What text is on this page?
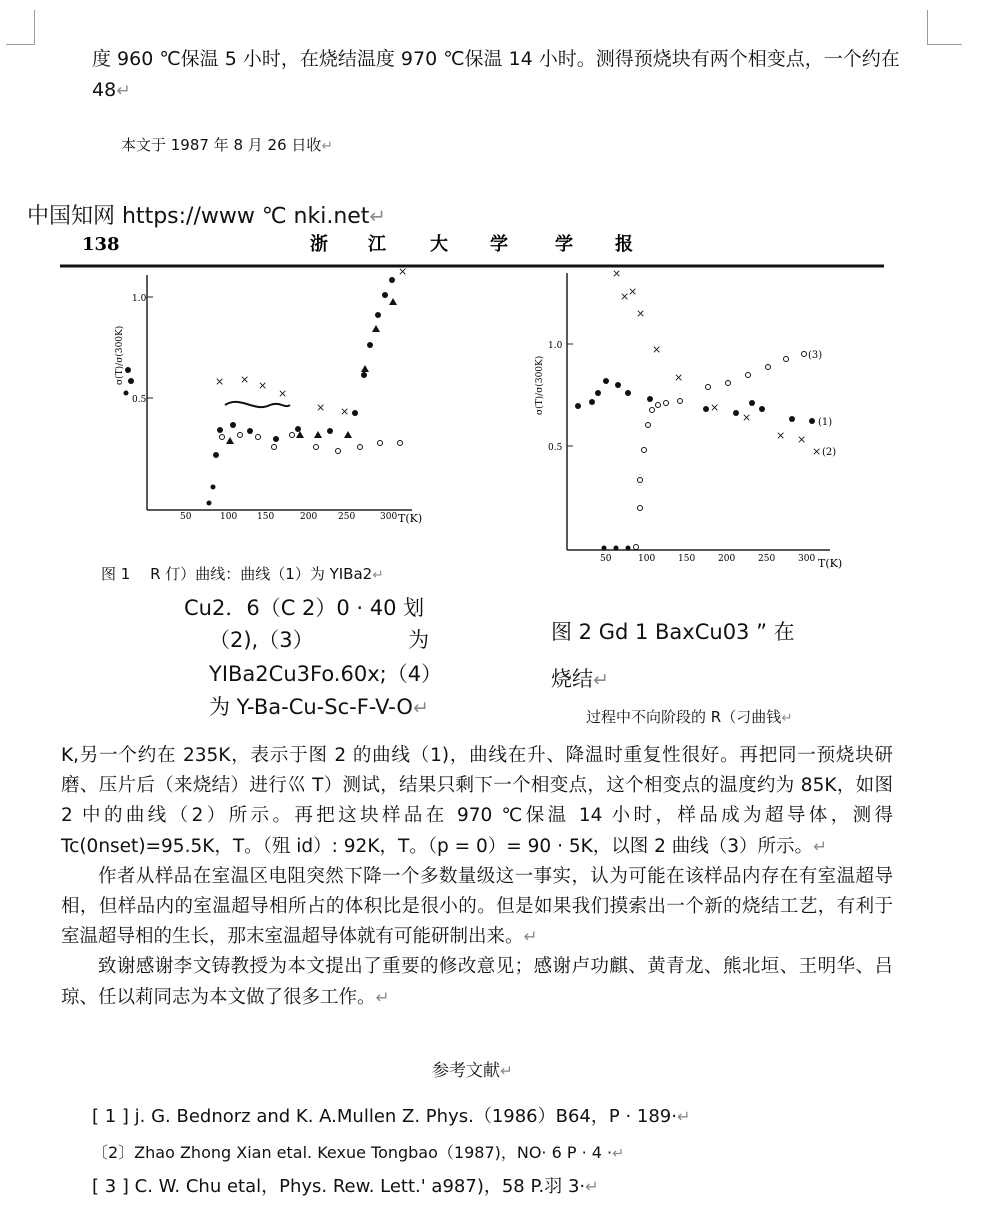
度 960 ℃保温 5 小时，在烧结温度 970 ℃保温 14 小时。测得预烧块有两个相变点，一个约在
48↵
本文于 1987 年 8 月 26 日收↵
中国知网 https://www ℃ nki.net↵
138	浙 江 大 学	学 报
1.0
0.5
σ(T)/σ(300K)
50	100 150	200 250	300 T(K)
× × ×
×
× ×
×
1.0
0.5
σ(T)/σ(300K)
50	100	150	200	250	300 T(K)
(3)
(1)
(2)
×
×
×
×
×
×
×
×
× ×
×
图 1　 R 仃）曲线：曲线（1）为 YIBa2↵
Cu2．6（C 2）0 · 40 划
（2),（3）　　　　　为
YIBa2Cu3Fo.60x;（4）
为 Y-Ba-Cu-Sc-F-V-O↵
图 2 Gd 1 BaxCu03 ” 在
烧结↵
过程中不向阶段的 R（刁曲钱↵
K,另一个约在 235K，表示于图 2 的曲线（1)，曲线在升、降温时重复性很好。再把同一预烧块研磨、压片后（来烧结）进行巛 T）测试，结果只剩下一个相变点，这个相变点的温度约为 85K，如图 2 中的曲线（2）所示。再把这块样品在 970 ℃保温 14 小时，样品成为超导体，测得 Tc(0nset)=95.5K，T。（殂 id）: 92K，T。（p = 0）= 90 · 5K，以图 2 曲线（3）所示。↵
作者从样品在室温区电阻突然下降一个多数量级这一事实，认为可能在该样品内存在有室温超导相，但样品内的室温超导相所占的体积比是很小的。但是如果我们摸索出一个新的烧结工艺，有利于室温超导相的生长，那末室温超导体就有可能研制出来。↵
致谢感谢李文铸教授为本文提出了重要的修改意见；感谢卢功麒、黄青龙、熊北垣、王明华、吕琼、任以莉同志为本文做了很多工作。↵
参考文献↵
[ 1 ] j. G. Bednorz and K. A.Mullen Z. Phys.（1986）B64，P · 189·↵
〔2〕Zhao Zhong Xian etal. Kexue Tongbao（1987)，NO· 6 P · 4 ·↵
[ 3 ] C. W. Chu etal，Phys. Rew. Lett.' a987)，58 P.羽 3·↵
